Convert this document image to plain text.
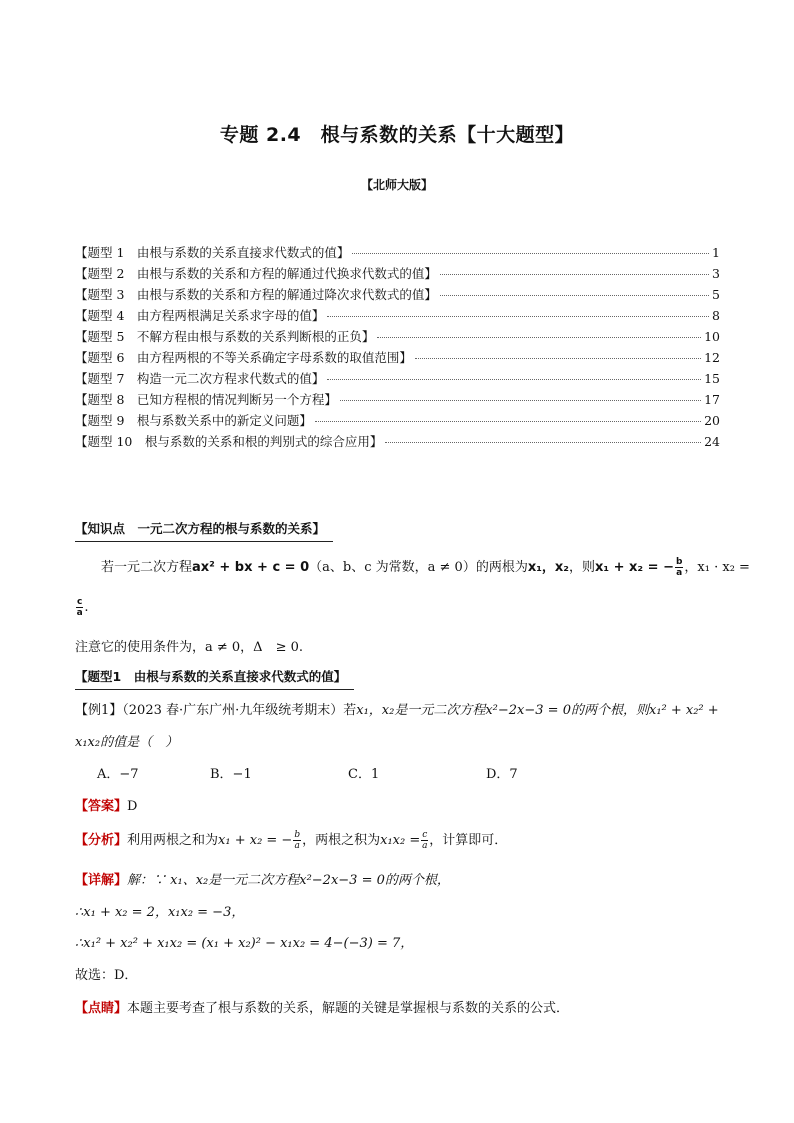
专题 2.4　根与系数的关系【十大题型】
【北师大版】
【题型 1　由根与系数的关系直接求代数式的值】	1
【题型 2　由根与系数的关系和方程的解通过代换求代数式的值】	3
【题型 3　由根与系数的关系和方程的解通过降次求代数式的值】	5
【题型 4　由方程两根满足关系求字母的值】	8
【题型 5　不解方程由根与系数的关系判断根的正负】	10
【题型 6　由方程两根的不等关系确定字母系数的取值范围】	12
【题型 7　构造一元二次方程求代数式的值】	15
【题型 8　已知方程根的情况判断另一个方程】	17
【题型 9　根与系数关系中的新定义问题】	20
【题型 10　根与系数的关系和根的判别式的综合应用】	24
【知识点　一元二次方程的根与系数的关系】
若一元二次方程ax² + bx + c = 0（a、b、c 为常数，a ≠ 0）的两根为x₁，x₂，则x₁ + x₂ = − $\frac{b}{a}$ ，x₁ · x₂ =
$\frac{c}{a}$ .
注意它的使用条件为，a ≠ 0，Δ　≥ 0.
【题型1　由根与系数的关系直接求代数式的值】
【例1】（2023 春·广东广州·九年级统考期末）若x₁，x₂是一元二次方程x²−2x−3 = 0的两个根，则x₁² + x₂² +
x₁x₂的值是（　）
A．−7	B．−1	C．1	D．7
【答案】D
【分析】利用两根之和为x₁ + x₂ = − $\frac{b}{a}$ ，两根之积为$x_1x_2 = \frac{c}{a}$ ，计算即可．
【详解】解：∵ x₁、x₂是一元二次方程x²−2x−3 = 0的两个根，
∴x₁ + x₂ = 2，x₁x₂ = −3，
∴x₁² + x₂² + x₁x₂ = (x₁ + x₂)² − x₁x₂ = 4−(−3) = 7，
故选：D．
【点睛】本题主要考查了根与系数的关系，解题的关键是掌握根与系数的关系的公式．
